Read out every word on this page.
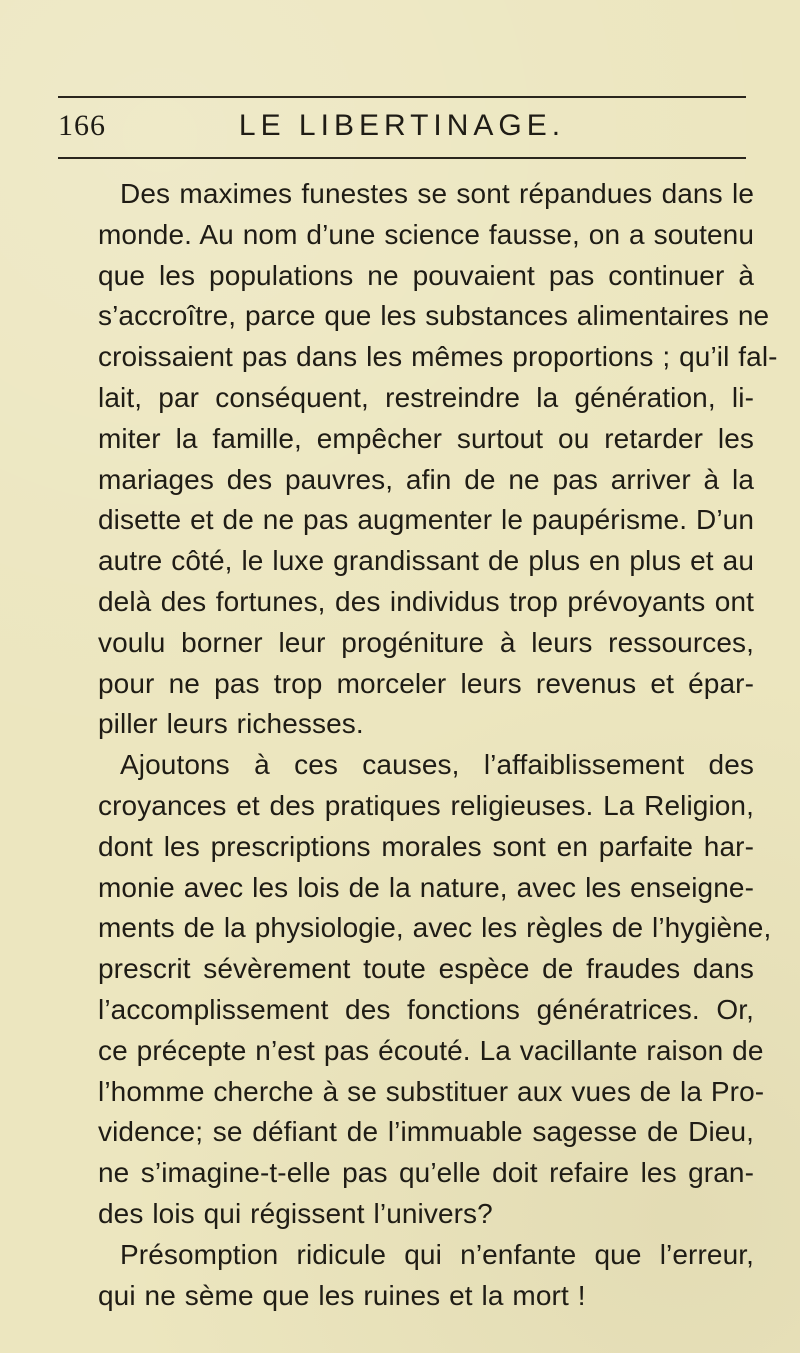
166	LE LIBERTINAGE.
Des maximes funestes se sont répandues dans le
monde. Au nom d’une science fausse, on a soutenu
que les populations ne pouvaient pas continuer à
s’accroître, parce que les substances alimentaires ne
croissaient pas dans les mêmes proportions ; qu’il fal-
lait, par conséquent, restreindre la génération, li-
miter la famille, empêcher surtout ou retarder les
mariages des pauvres, afin de ne pas arriver à la
disette et de ne pas augmenter le paupérisme. D’un
autre côté, le luxe grandissant de plus en plus et au
delà des fortunes, des individus trop prévoyants ont
voulu borner leur progéniture à leurs ressources,
pour ne pas trop morceler leurs revenus et épar-
piller leurs richesses.
Ajoutons à ces causes, l’affaiblissement des
croyances et des pratiques religieuses. La Religion,
dont les prescriptions morales sont en parfaite har-
monie avec les lois de la nature, avec les enseigne-
ments de la physiologie, avec les règles de l’hygiène,
prescrit sévèrement toute espèce de fraudes dans
l’accomplissement des fonctions génératrices. Or,
ce précepte n’est pas écouté. La vacillante raison de
l’homme cherche à se substituer aux vues de la Pro-
vidence; se défiant de l’immuable sagesse de Dieu,
ne s’imagine-t-elle pas qu’elle doit refaire les gran-
des lois qui régissent l’univers?
Présomption ridicule qui n’enfante que l’erreur,
qui ne sème que les ruines et la mort !
